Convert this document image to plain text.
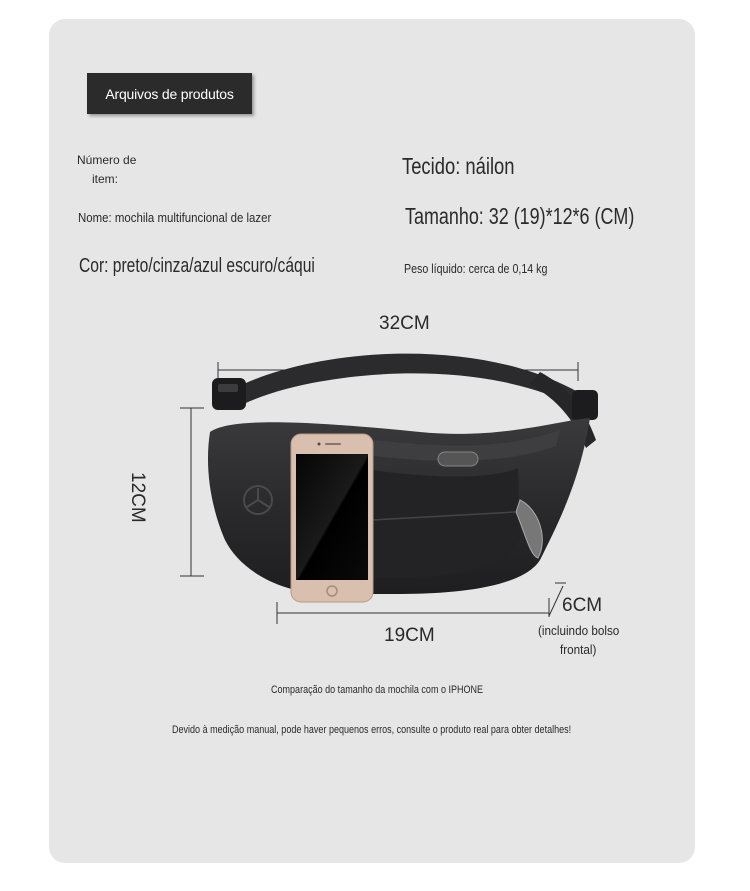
Arquivos de produtos
Número de
item:
Nome: mochila multifuncional de lazer
Cor: preto/cinza/azul escuro/cáqui
Tecido: náilon
Tamanho: 32 (19)*12*6 (CM)
Peso líquido: cerca de 0,14 kg
32CM
12CM
19CM
6CM
(incluindo bolso
frontal)
Comparação do tamanho da mochila com o IPHONE
Devido à medição manual, pode haver pequenos erros, consulte o produto real para obter detalhes!
